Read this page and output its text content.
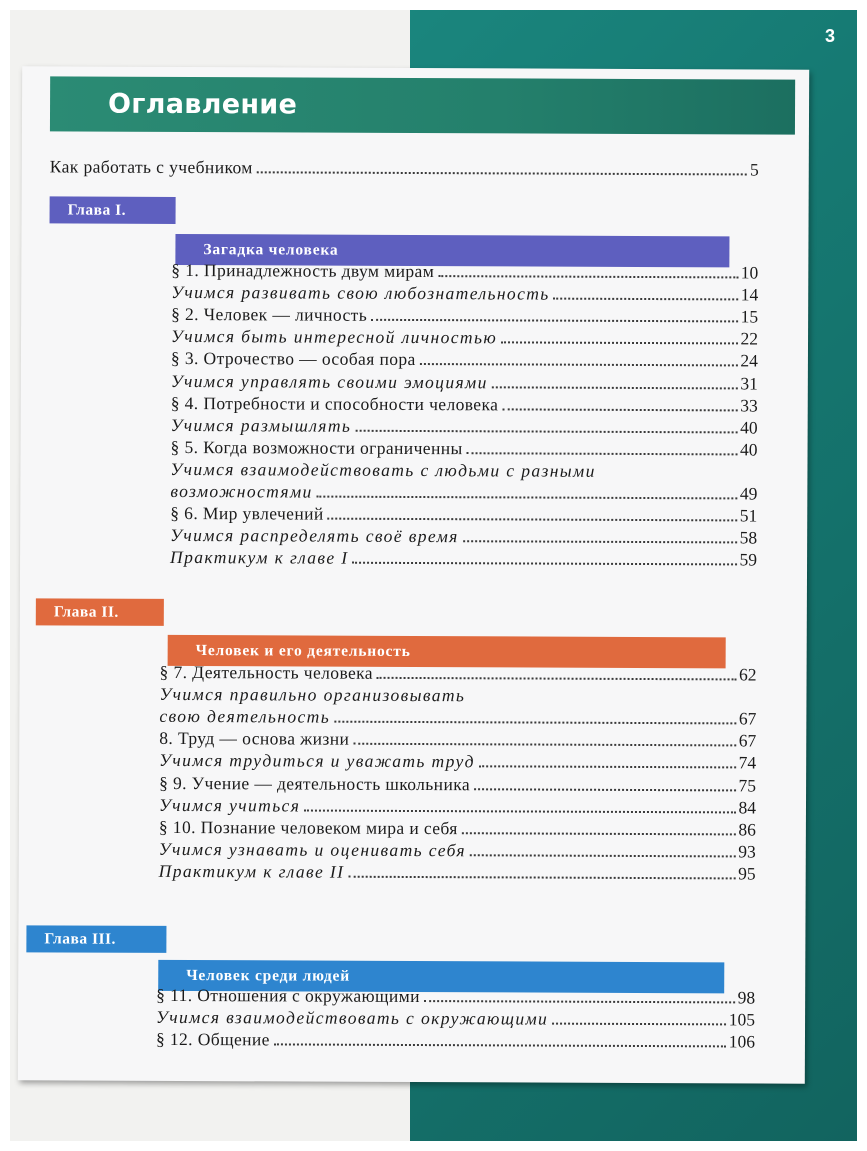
3
Оглавление
Как работать с учебником	5
Глава I.
Загадка человека
§ 1. Принадлежность двум мирам	10
Учимся развивать свою любознательность	14
§ 2. Человек — личность	15
Учимся быть интересной личностью	22
§ 3. Отрочество — особая пора	24
Учимся управлять своими эмоциями	31
§ 4. Потребности и способности человека	33
Учимся размышлять	40
§ 5. Когда возможности ограниченны	40
Учимся взаимодействовать с людьми с разными
возможностями	49
§ 6. Мир увлечений	51
Учимся распределять своё время	58
Практикум к главе I	59
Глава II.
Человек и его деятельность
§ 7. Деятельность человека	62
Учимся правильно организовывать
свою деятельность	67
8. Труд — основа жизни	67
Учимся трудиться и уважать труд	74
§ 9. Учение — деятельность школьника	75
Учимся учиться	84
§ 10. Познание человеком мира и себя	86
Учимся узнавать и оценивать себя	93
Практикум к главе II	95
Глава III.
Человек среди людей
§ 11. Отношения с окружающими	98
Учимся взаимодействовать с окружающими	105
§ 12. Общение	106
